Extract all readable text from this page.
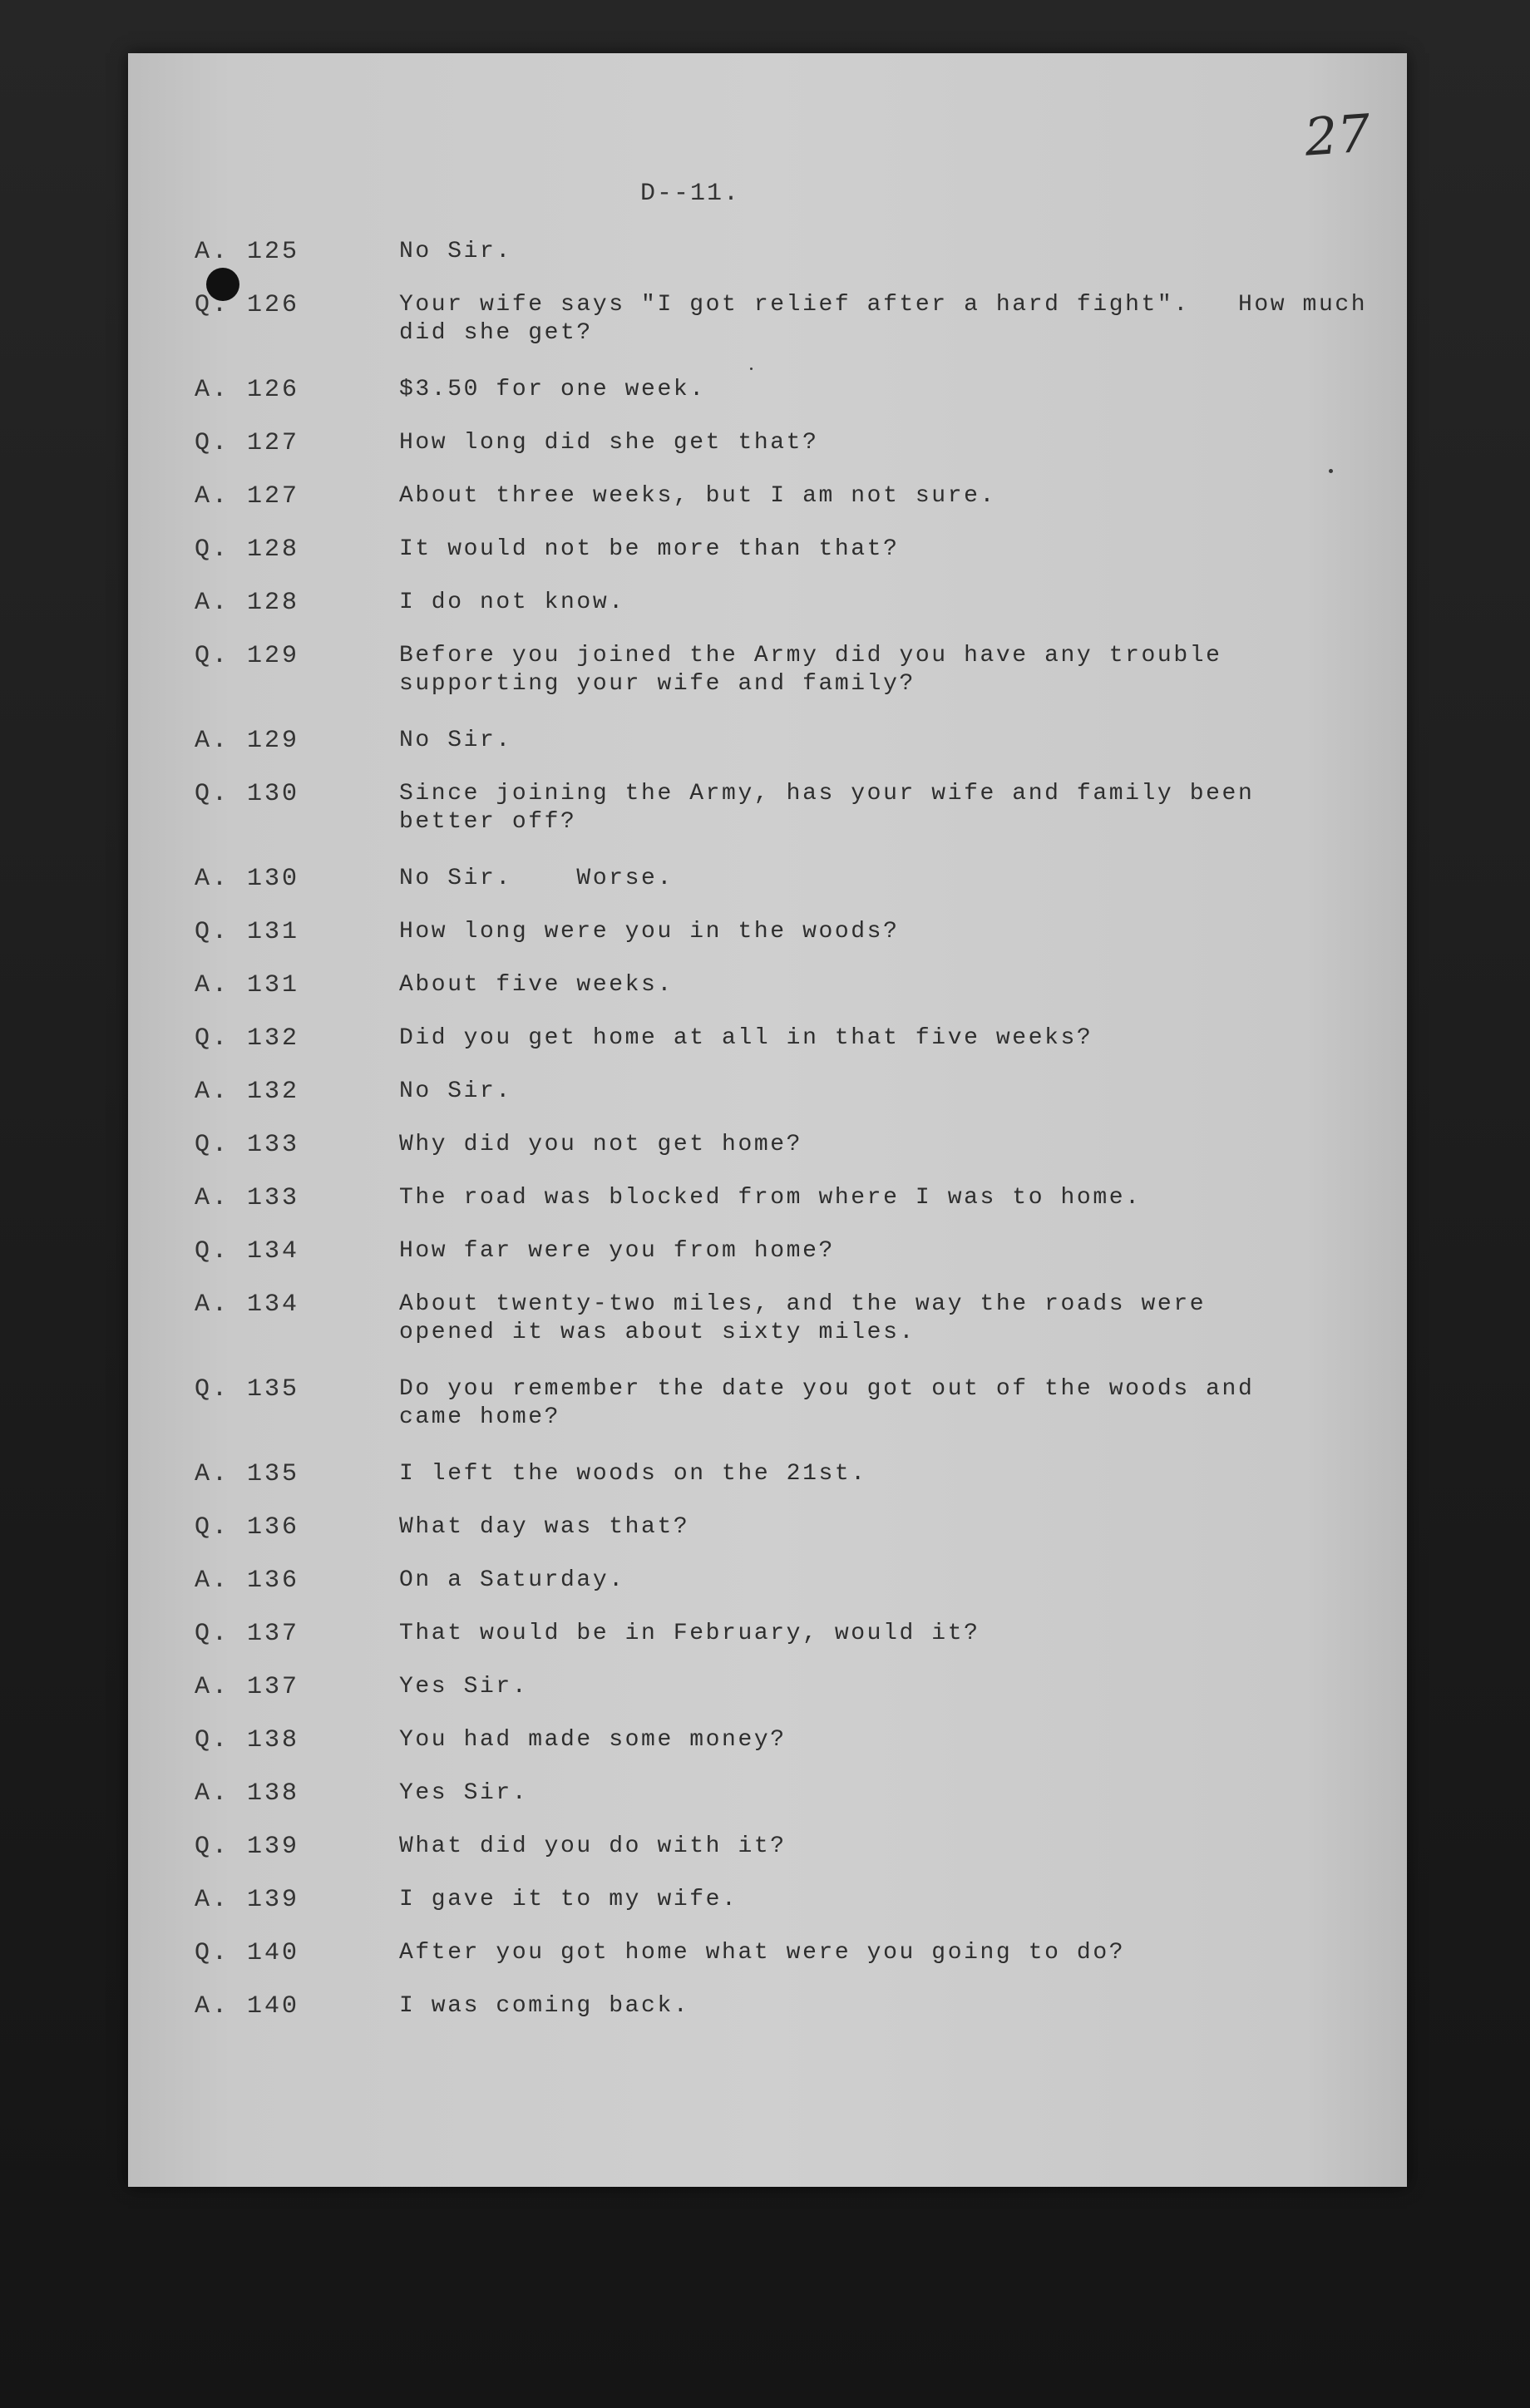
27
D--11.
A. 125	No Sir.
Q. 126	Your wife says "I got relief after a hard fight".   How much
did she get?
A. 126	$3.50 for one week.
Q. 127	How long did she get that?
A. 127	About three weeks, but I am not sure.
Q. 128	It would not be more than that?
A. 128	I do not know.
Q. 129	Before you joined the Army did you have any trouble
supporting your wife and family?
A. 129	No Sir.
Q. 130	Since joining the Army, has your wife and family been
better off?
A. 130	No Sir.    Worse.
Q. 131	How long were you in the woods?
A. 131	About five weeks.
Q. 132	Did you get home at all in that five weeks?
A. 132	No Sir.
Q. 133	Why did you not get home?
A. 133	The road was blocked from where I was to home.
Q. 134	How far were you from home?
A. 134	About twenty-two miles, and the way the roads were
opened it was about sixty miles.
Q. 135	Do you remember the date you got out of the woods and
came home?
A. 135	I left the woods on the 21st.
Q. 136	What day was that?
A. 136	On a Saturday.
Q. 137	That would be in February, would it?
A. 137	Yes Sir.
Q. 138	You had made some money?
A. 138	Yes Sir.
Q. 139	What did you do with it?
A. 139	I gave it to my wife.
Q. 140	After you got home what were you going to do?
A. 140	I was coming back.
